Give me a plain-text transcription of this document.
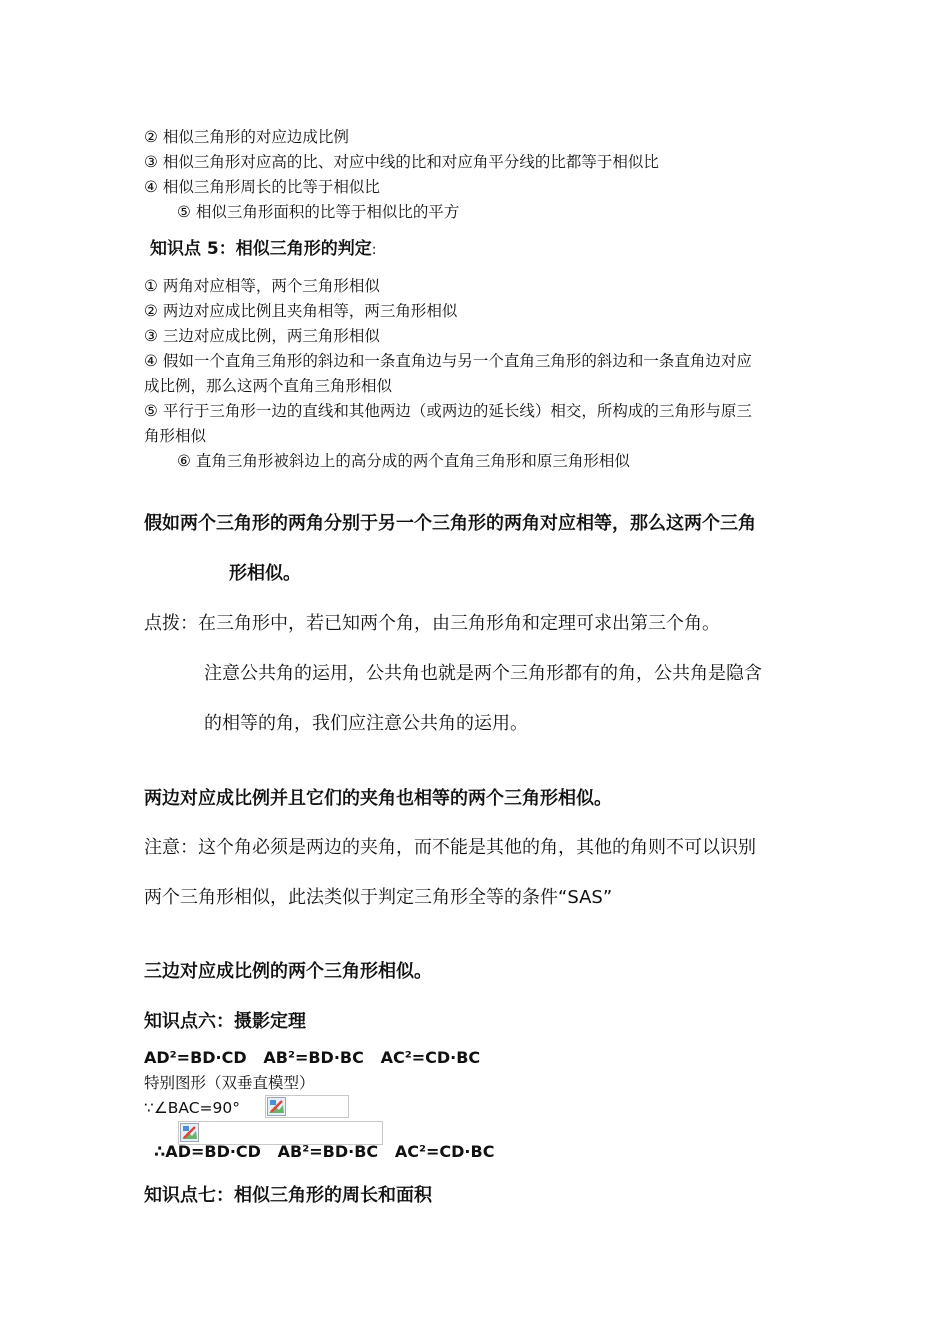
② 相似三角形的对应边成比例
③ 相似三角形对应高的比、对应中线的比和对应角平分线的比都等于相似比
④ 相似三角形周长的比等于相似比
⑤ 相似三角形面积的比等于相似比的平方
知识点 5：相似三角形的判定:
① 两角对应相等，两个三角形相似
② 两边对应成比例且夹角相等，两三角形相似
③ 三边对应成比例，两三角形相似
④ 假如一个直角三角形的斜边和一条直角边与另一个直角三角形的斜边和一条直角边对应
成比例，那么这两个直角三角形相似
⑤ 平行于三角形一边的直线和其他两边（或两边的延长线）相交，所构成的三角形与原三
角形相似
⑥ 直角三角形被斜边上的高分成的两个直角三角形和原三角形相似
假如两个三角形的两角分别于另一个三角形的两角对应相等，那么这两个三角
形相似。
点拨：在三角形中，若已知两个角，由三角形角和定理可求出第三个角。
注意公共角的运用，公共角也就是两个三角形都有的角，公共角是隐含
的相等的角，我们应注意公共角的运用。
两边对应成比例并且它们的夹角也相等的两个三角形相似。
注意：这个角必须是两边的夹角，而不能是其他的角，其他的角则不可以识别
两个三角形相似，此法类似于判定三角形全等的条件“SAS”
三边对应成比例的两个三角形相似。
知识点六：摄影定理
AD²=BD·CD   AB²=BD·BC   AC²=CD·BC
特别图形（双垂直模型）
∵∠BAC=90°

∴AD=BD·CD   AB²=BD·BC   AC²=CD·BC

知识点七：相似三角形的周长和面积
